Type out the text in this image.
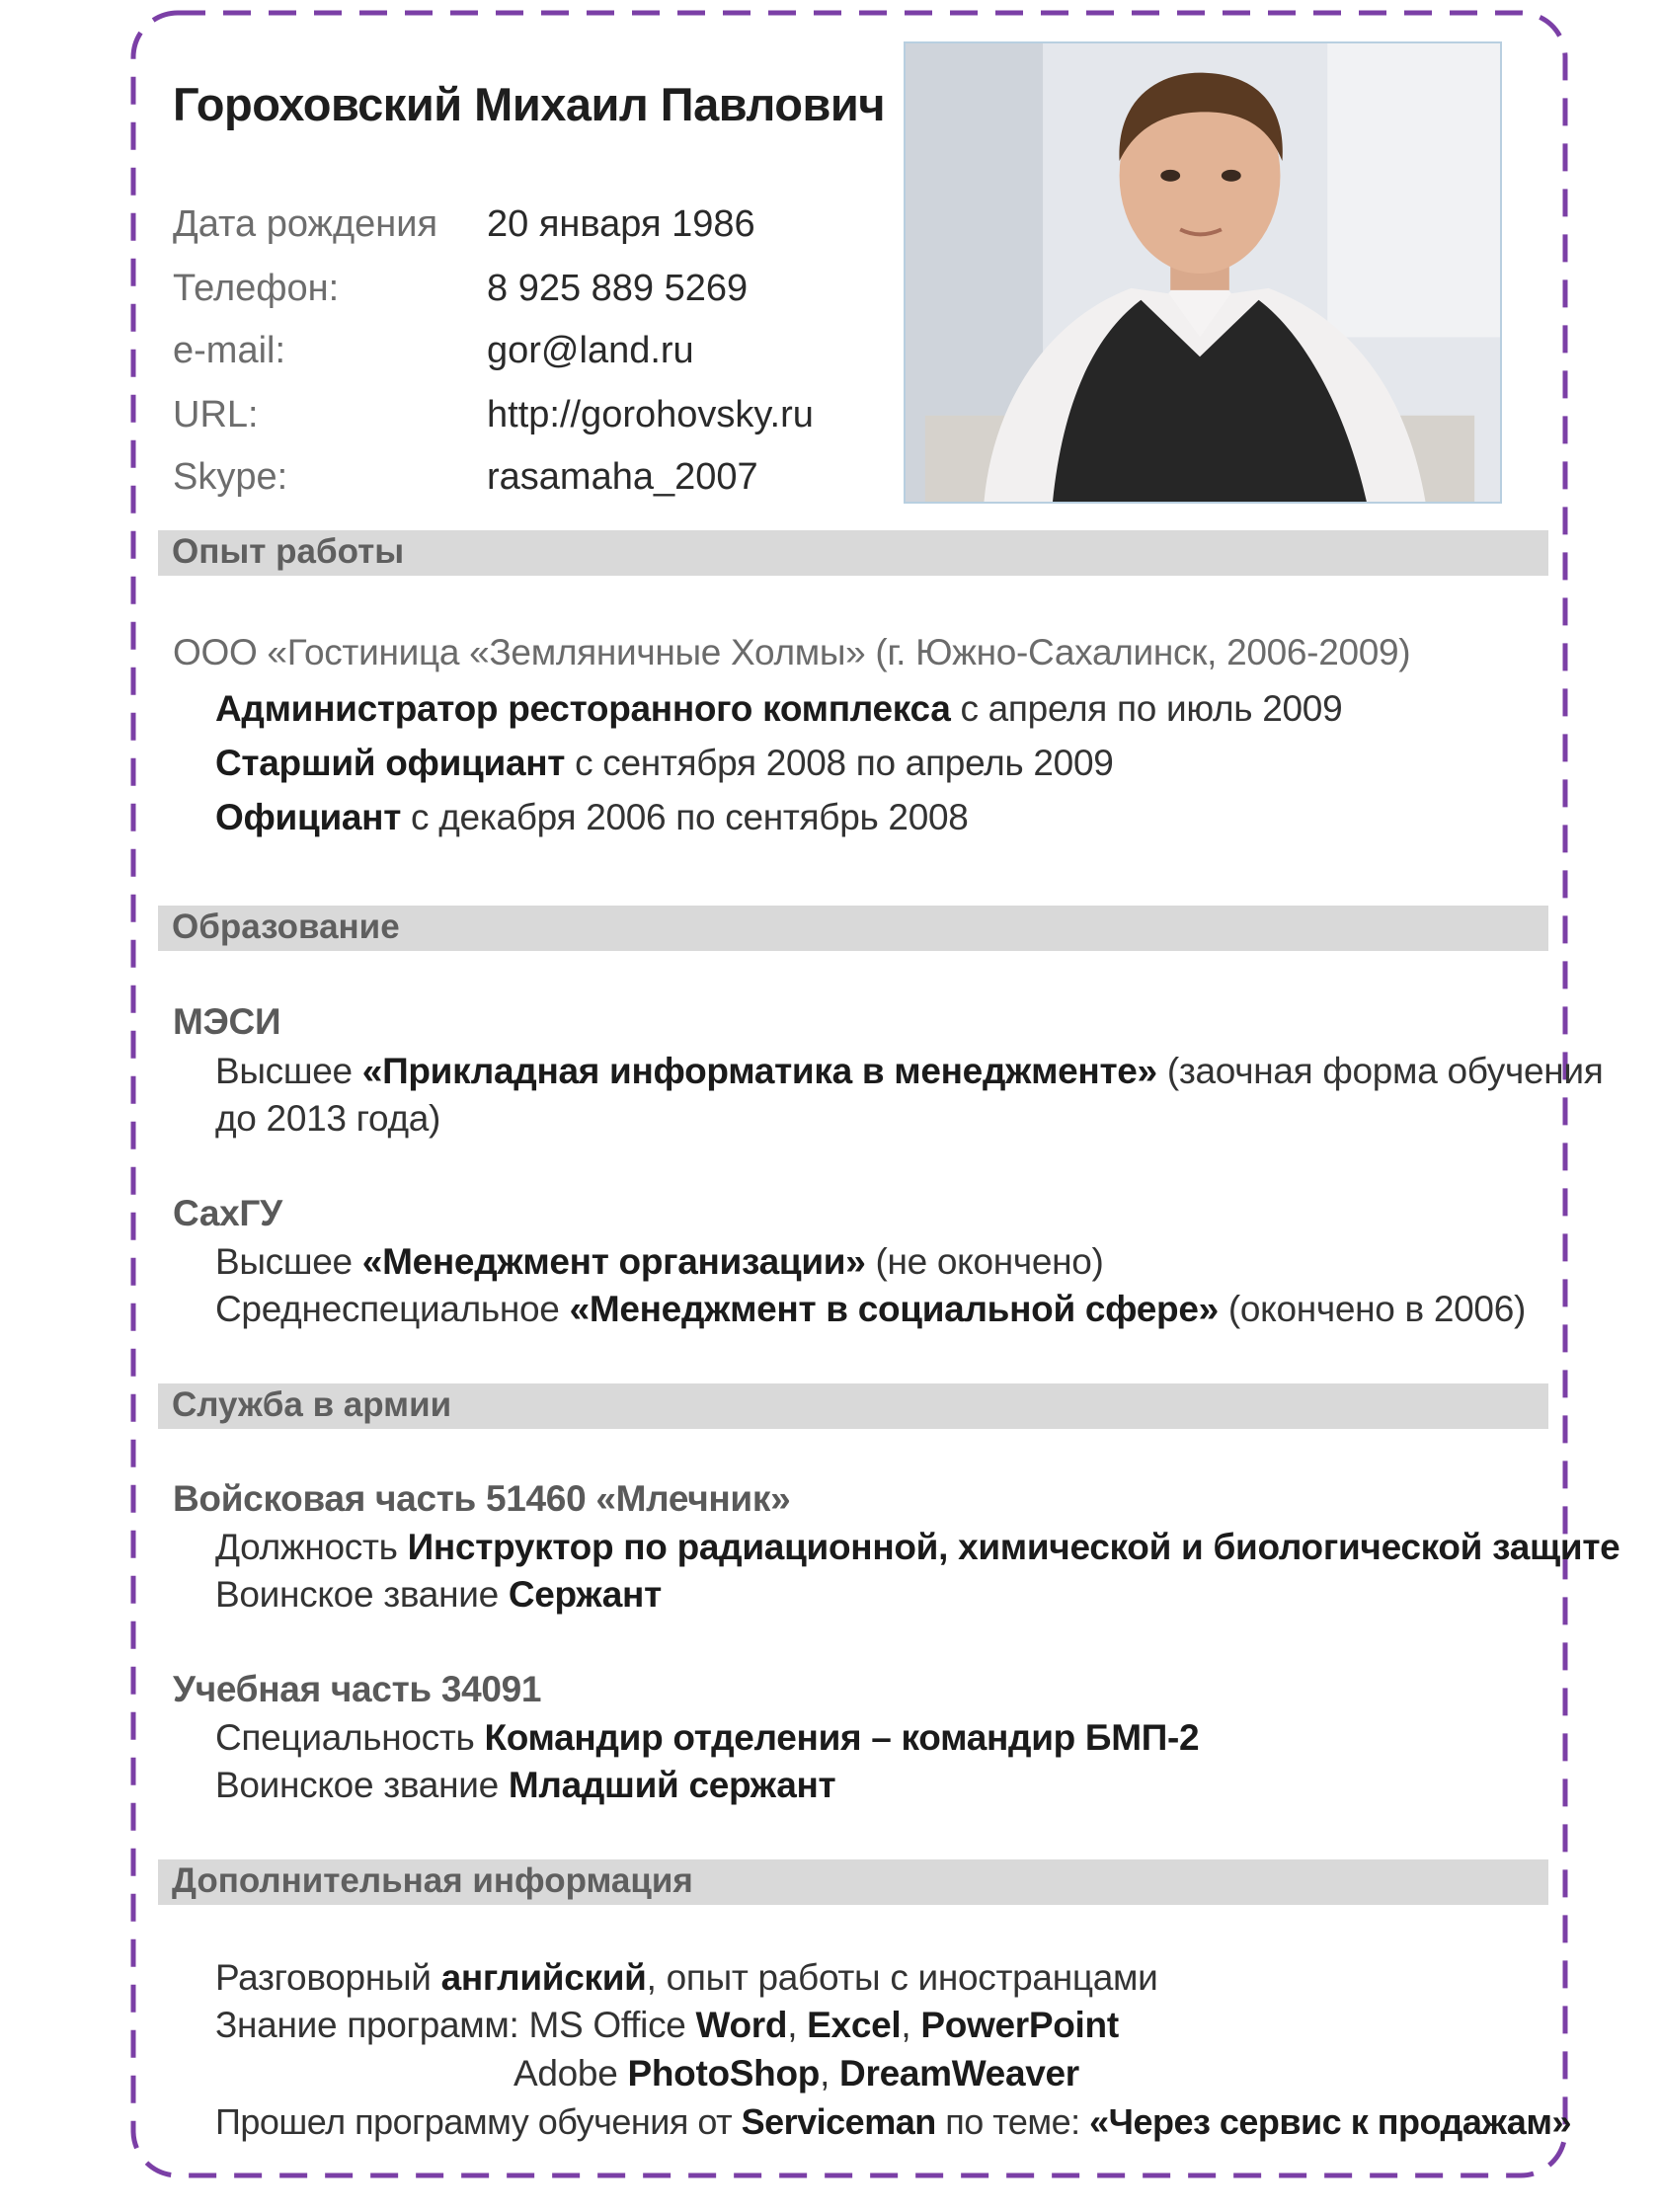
Гороховский Михаил Павлович
Дата рождения 20 января 1986
Телефон:	8 925 889 5269
e-mail:	gor@land.ru
URL:	http://gorohovsky.ru
Skype:	rasamaha_2007
Опыт работы
ООО «Гостиница «Земляничные Холмы» (г. Южно-Сахалинск, 2006-2009)
Администратор ресторанного комплекса с апреля по июль 2009
Старший официант с сентября 2008 по апрель 2009
Официант с декабря 2006 по сентябрь 2008
Образование
МЭСИ
Высшее «Прикладная информатика в менеджменте» (заочная форма обучения
до 2013 года)
СахГУ
Высшее «Менеджмент организации» (не окончено)
Среднеспециальное «Менеджмент в социальной сфере» (окончено в 2006)
Служба в армии
Войсковая часть 51460 «Млечник»
Должность Инструктор по радиационной, химической и биологической защите
Воинское звание Сержант
Учебная часть 34091
Специальность Командир отделения – командир БМП-2
Воинское звание Младший сержант
Дополнительная информация
Разговорный английский, опыт работы с иностранцами
Знание программ: MS Office Word, Excel, PowerPoint
Adobe PhotoShop, DreamWeaver
Прошел программу обучения от Serviceman по теме: «Через сервис к продажам»
